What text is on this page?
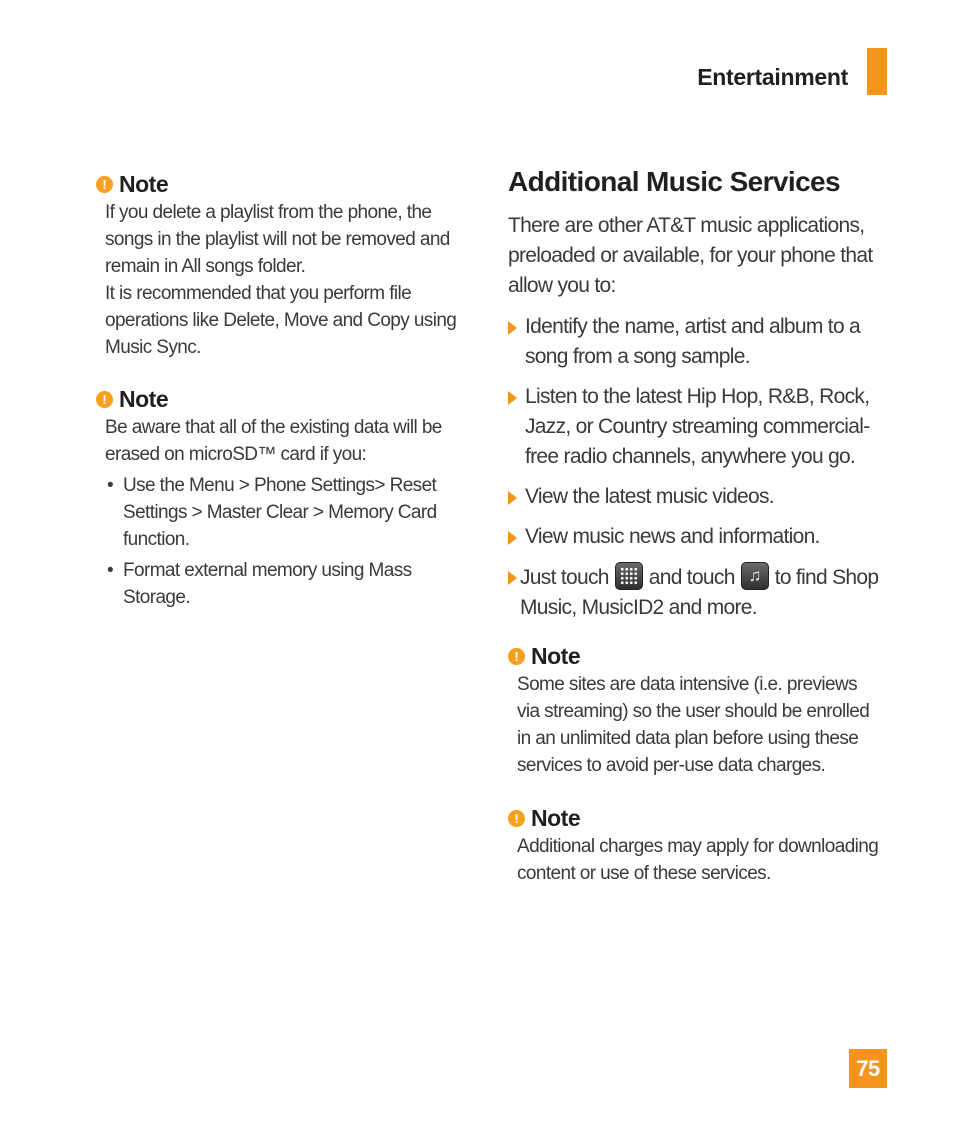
Entertainment
! Note

If you delete a playlist from the phone, the songs in the playlist will not be removed and remain in All songs folder.

It is recommended that you perform file operations like Delete, Move and Copy using Music Sync.

! Note

Be aware that all of the existing data will be erased on microSD™ card if you:

• Use the Menu > Phone Settings> Reset Settings > Master Clear > Memory Card function.
• Format external memory using Mass Storage.
Additional Music Services
There are other AT&T music applications, preloaded or available, for your phone that allow you to:
Identify the name, artist and album to a song from a song sample.
Listen to the latest Hip Hop, R&B, Rock, Jazz, or Country streaming commercial-free radio channels, anywhere you go.
View the latest music videos.
View music news and information.
Just touch and touch ♫ to find Shop Music, MusicID2 and more.
! Note
Some sites are data intensive (i.e. previews via streaming) so the user should be enrolled in an unlimited data plan before using these services to avoid per-use data charges.
! Note
Additional charges may apply for downloading content or use of these services.
75
